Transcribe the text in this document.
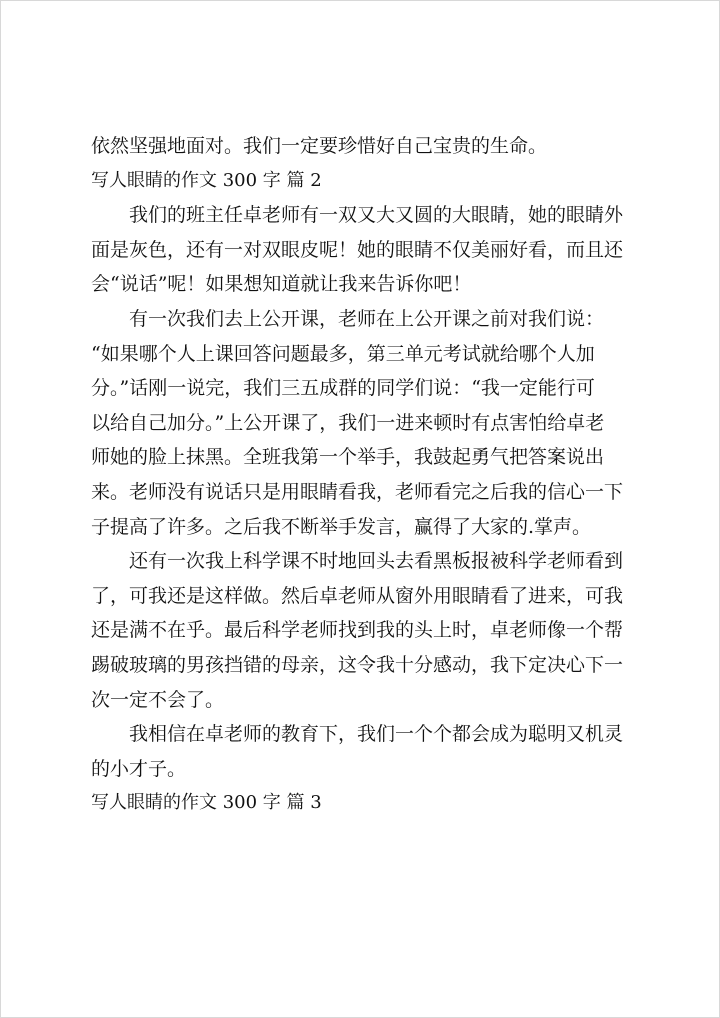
依然坚强地面对。我们一定要珍惜好自己宝贵的生命。
写人眼睛的作文 300 字 篇 2
我们的班主任卓老师有一双又大又圆的大眼睛，她的眼睛外
面是灰色，还有一对双眼皮呢！她的眼睛不仅美丽好看，而且还
会“说话”呢！如果想知道就让我来告诉你吧！
有一次我们去上公开课，老师在上公开课之前对我们说：
“如果哪个人上课回答问题最多，第三单元考试就给哪个人加
分。”话刚一说完，我们三五成群的同学们说：“我一定能行可
以给自己加分。”上公开课了，我们一进来顿时有点害怕给卓老
师她的脸上抹黑。全班我第一个举手，我鼓起勇气把答案说出
来。老师没有说话只是用眼睛看我，老师看完之后我的信心一下
子提高了许多。之后我不断举手发言，赢得了大家的.掌声。
还有一次我上科学课不时地回头去看黑板报被科学老师看到
了，可我还是这样做。然后卓老师从窗外用眼睛看了进来，可我
还是满不在乎。最后科学老师找到我的头上时，卓老师像一个帮
踢破玻璃的男孩挡错的母亲，这令我十分感动，我下定决心下一
次一定不会了。
我相信在卓老师的教育下，我们一个个都会成为聪明又机灵
的小才子。
写人眼睛的作文 300 字 篇 3
